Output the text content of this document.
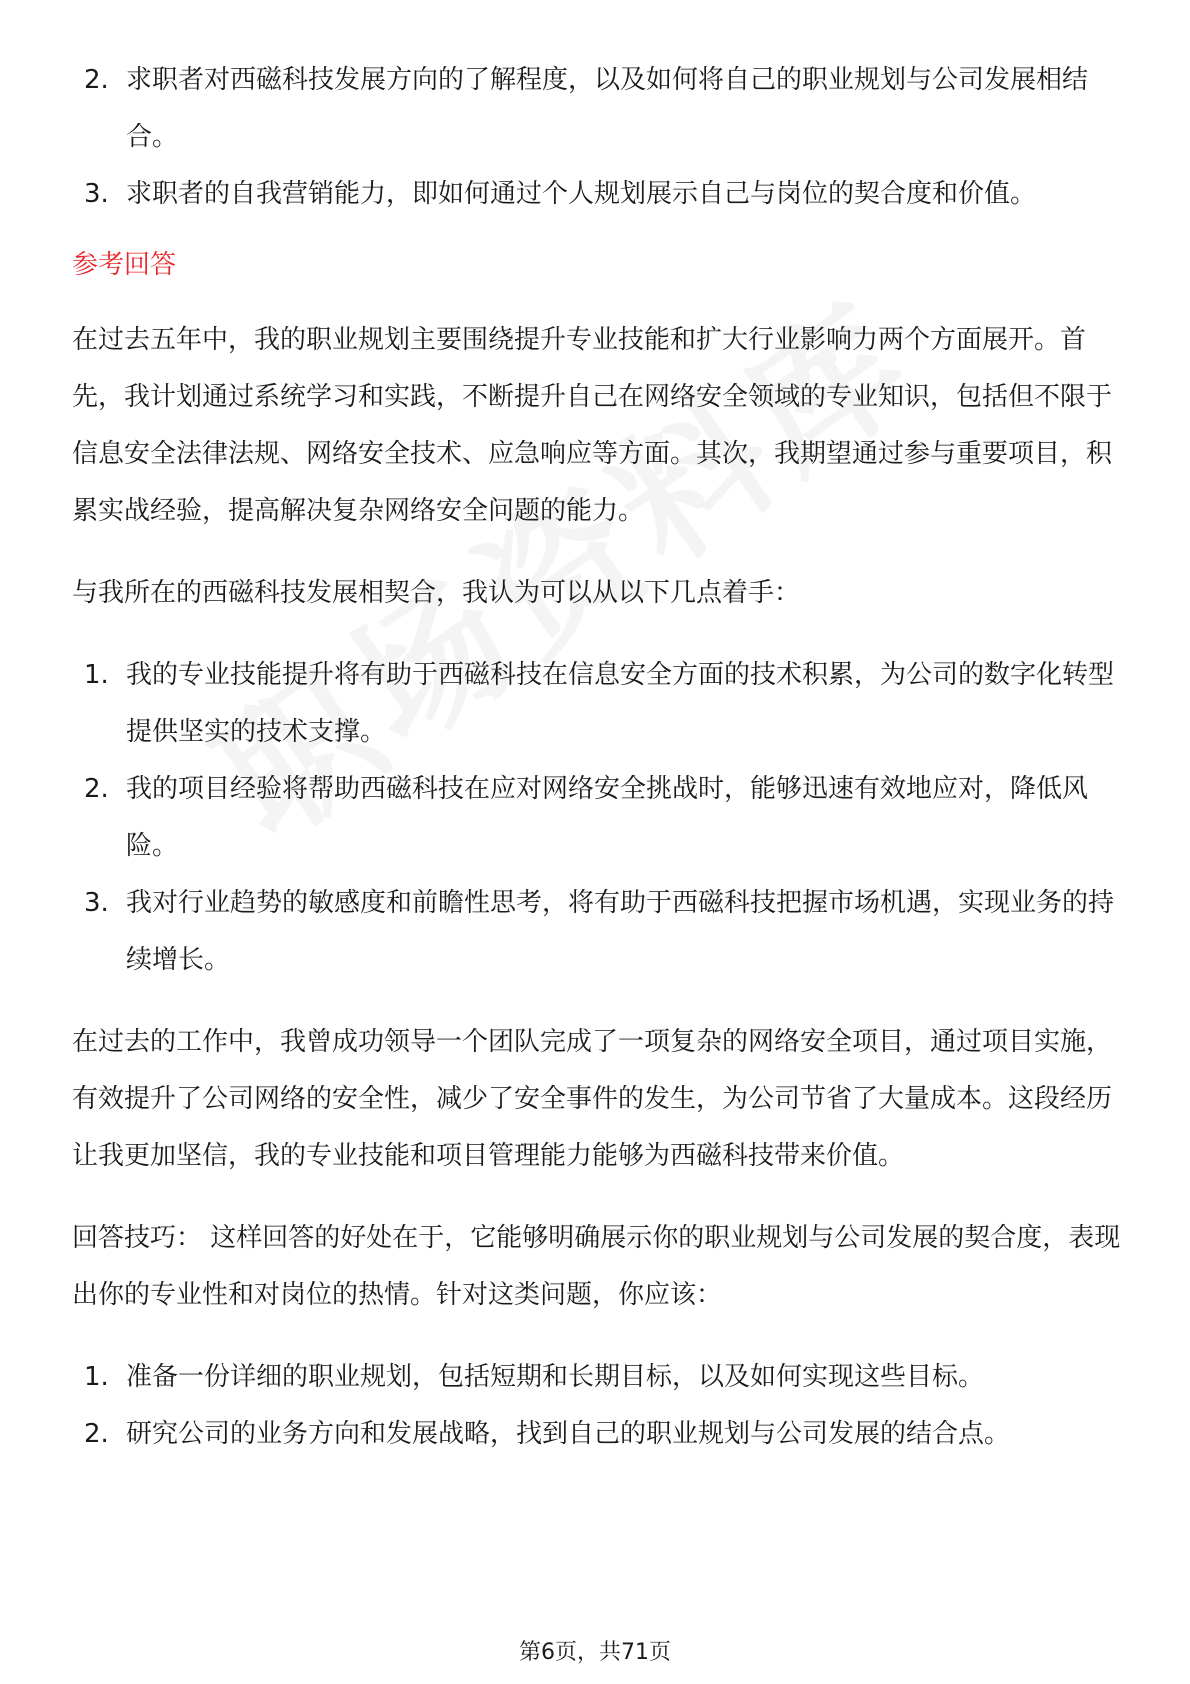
2. 求职者对西磁科技发展方向的了解程度，以及如何将自己的职业规划与公司发展相结合。
3. 求职者的自我营销能力，即如何通过个人规划展示自己与岗位的契合度和价值。
参考回答

在过去五年中，我的职业规划主要围绕提升专业技能和扩大行业影响力两个方面展开。首先，我计划通过系统学习和实践，不断提升自己在网络安全领域的专业知识，包括但不限于信息安全法律法规、网络安全技术、应急响应等方面。其次，我期望通过参与重要项目，积累实战经验，提高解决复杂网络安全问题的能力。

与我所在的西磁科技发展相契合，我认为可以从以下几点着手：

1. 我的专业技能提升将有助于西磁科技在信息安全方面的技术积累，为公司的数字化转型提供坚实的技术支撑。
2. 我的项目经验将帮助西磁科技在应对网络安全挑战时，能够迅速有效地应对，降低风险。
3. 我对行业趋势的敏感度和前瞻性思考，将有助于西磁科技把握市场机遇，实现业务的持续增长。

在过去的工作中，我曾成功领导一个团队完成了一项复杂的网络安全项目，通过项目实施，有效提升了公司网络的安全性，减少了安全事件的发生，为公司节省了大量成本。这段经历让我更加坚信，我的专业技能和项目管理能力能够为西磁科技带来价值。

回答技巧： 这样回答的好处在于，它能够明确展示你的职业规划与公司发展的契合度，表现出你的专业性和对岗位的热情。针对这类问题，你应该：

1. 准备一份详细的职业规划，包括短期和长期目标，以及如何实现这些目标。
2. 研究公司的业务方向和发展战略，找到自己的职业规划与公司发展的结合点。
第6页，共71页
